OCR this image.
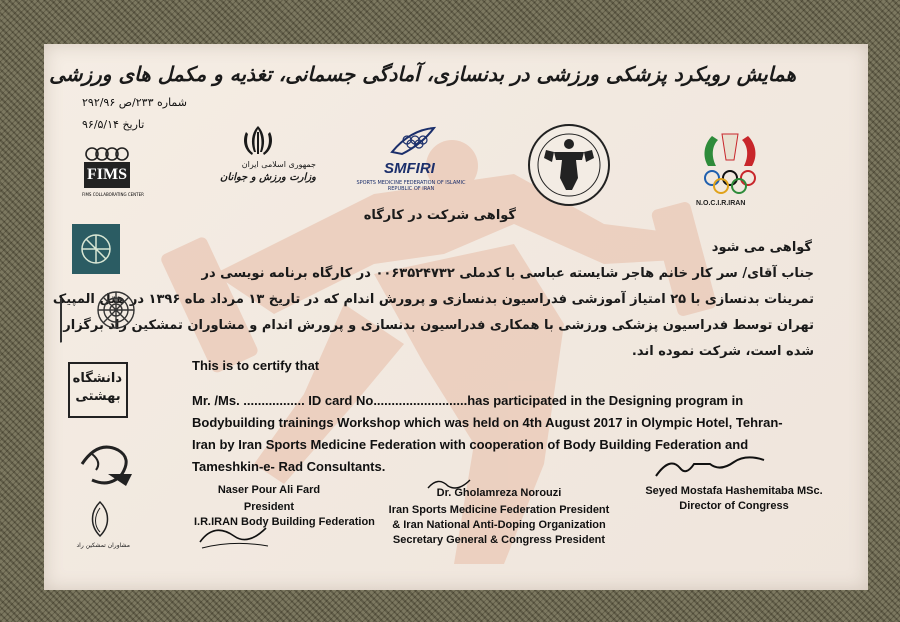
همایش رویکرد پزشکی ورزشی در بدنسازی، آمادگی جسمانی، تغذیه و مکمل های ورزشی
شماره ۲۳۳/ص ۲۹۲/۹۶
تاریخ ۹۶/۵/۱۴
FIMS
FIMS COLLABORATING CENTER
جمهوری اسلامی ایران
وزارت ورزش و جوانان
SMFIRI
SPORTS MEDICINE FEDERATION OF ISLAMIC REPUBLIC OF IRAN
N.O.C.I.R.IRAN
گواهی شرکت در کارگاه
گواهی می شود
جناب آقای/ سر کار خانم هاجر شایسته عباسی با کدملی ۰۰۶۳۵۲۴۷۳۲ در کارگاه برنامه نویسی در
تمرینات بدنسازی با ۲۵ امتیاز آموزشی فدراسیون بدنسازی و پرورش اندام که در تاریخ ۱۳ مرداد ماه ۱۳۹۶ در هتل المپیک
تهران توسط فدراسیون پزشکی ورزشی با همکاری فدراسیون بدنسازی و پرورش اندام و مشاوران تمشکین راد برگزار
شده است، شرکت نموده اند.
This is to certify that
Mr. /Ms. ................. ID card No..........................has participated in the Designing program in
Bodybuilding trainings Workshop which was held on 4th August 2017 in Olympic Hotel, Tehran-
Iran by Iran Sports Medicine Federation with cooperation of Body Building Federation and
Tameshkin-e- Rad Consultants.
دانشگاه بهشتی
مشاوران تمشکین راد
Naser Pour Ali Fard
President
I.R.IRAN Body Building Federation
Dr. Gholamreza Norouzi
Iran Sports Medicine Federation President
& Iran National Anti-Doping Organization
Secretary General & Congress President
Seyed Mostafa Hashemitaba MSc.
Director of Congress
